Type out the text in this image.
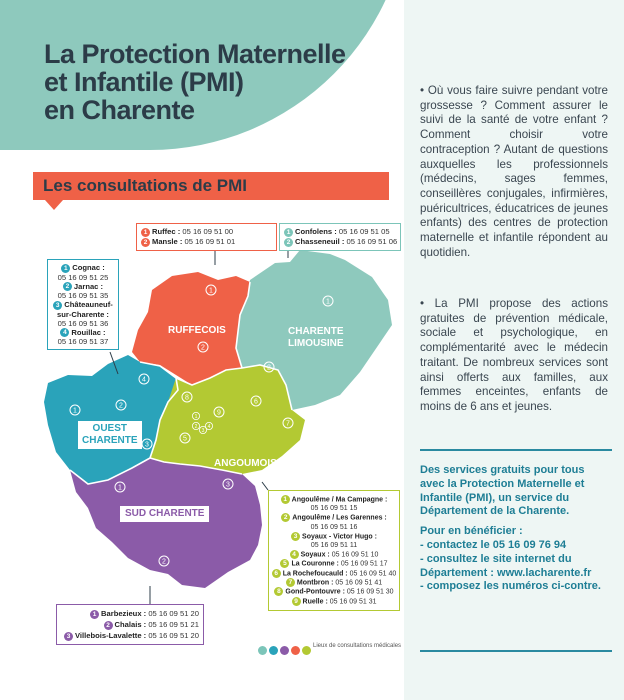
La Protection Maternelle
et Infantile (PMI)
en Charente
Les consultations de PMI
1
2
1
2
1
2
3
4
6
7
8
9
5
1
2
3
4
1
2
3
RUFFECOIS	CHARENTE
LIMOUSINE
OUEST
CHARENTE
ANGOUMOIS
SUD CHARENTE
1 Ruffec : 05 16 09 51 00
2 Mansle : 05 16 09 51 01
1 Confolens : 05 16 09 51 05
2 Chasseneuil : 05 16 09 51 06
1 Cognac :
05 16 09 51 25
2 Jarnac :
05 16 09 51 35
3 Châteauneuf-sur-Charente :
05 16 09 51 36
4 Rouillac :
05 16 09 51 37
1 Angoulême / Ma Campagne :
05 16 09 51 15
2 Angoulême / Les Garennes :
05 16 09 51 16
3 Soyaux - Victor Hugo :
05 16 09 51 11
4 Soyaux : 05 16 09 51 10
5 La Couronne : 05 16 09 51 17
6 La Rochefoucauld : 05 16 09 51 40
7 Montbron : 05 16 09 51 41
8 Gond-Pontouvre : 05 16 09 51 30
9 Ruelle : 05 16 09 51 31
1 Barbezieux : 05 16 09 51 20
2 Chalais : 05 16 09 51 21
3 Villebois-Lavalette : 05 16 09 51 20
Lieux de consultations médicales

• Où vous faire suivre pendant votre grossesse ? Comment assurer le suivi de la santé de votre enfant ? Comment choisir votre contraception ? Autant de questions auxquelles les professionnels (médecins, sages femmes, conseillères conjugales, infirmières, puéricultrices, éducatrices de jeunes enfants) des centres de protection maternelle et infantile répondent au quotidien.

• La PMI propose des actions gratuites de prévention médicale, sociale et psychologique, en complémentarité avec le médecin traitant. De nombreux services sont ainsi offerts aux familles, aux femmes enceintes, enfants de moins de 6 ans et jeunes.

Des services gratuits pour tous avec la Protection Maternelle et Infantile (PMI), un service du Département de la Charente.

Pour en bénéficier :

- contactez le 05 16 09 76 94

- consultez le site internet du Département : www.lacharente.fr

- composez les numéros ci-contre.
